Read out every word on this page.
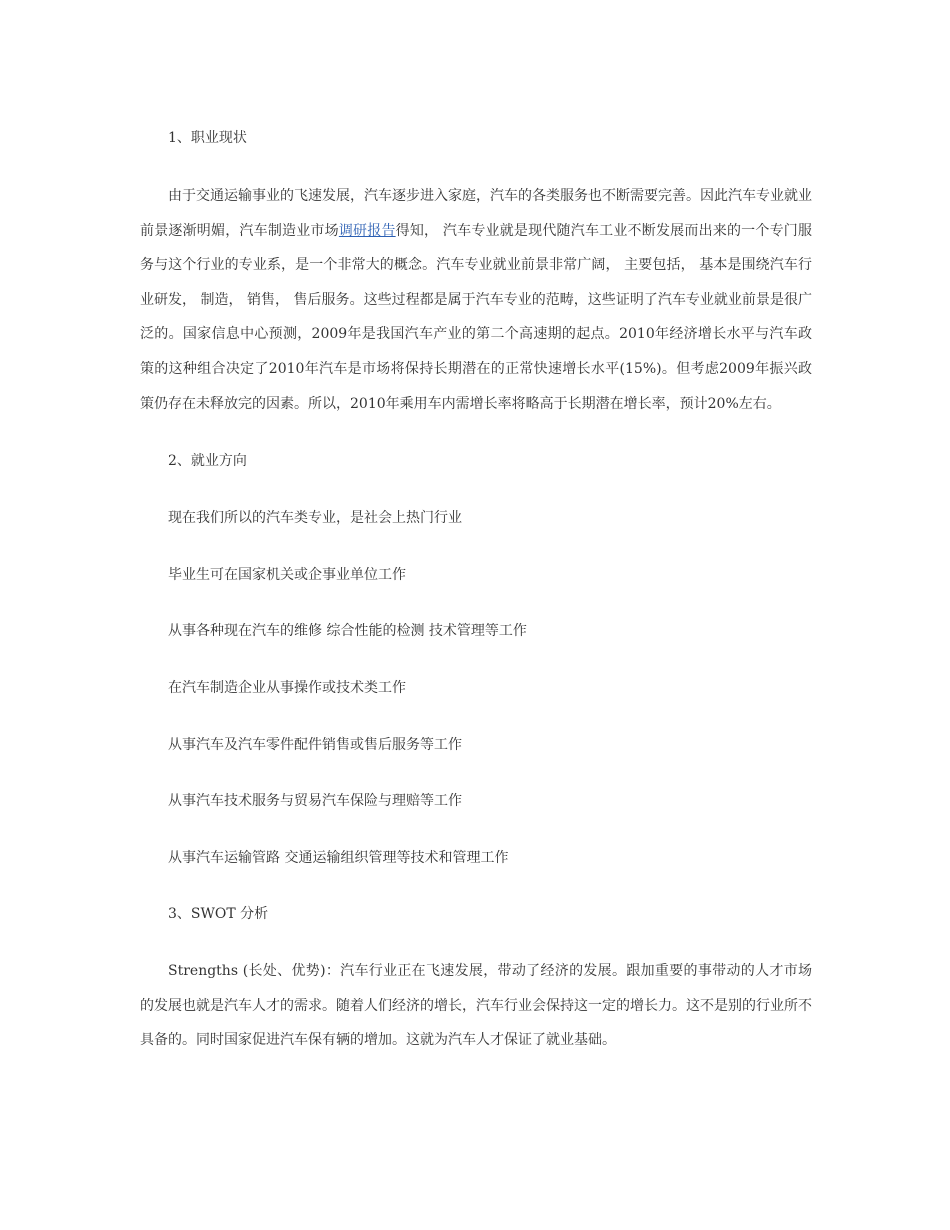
1、职业现状

由于交通运输事业的飞速发展，汽车逐步进入家庭，汽车的各类服务也不断需要完善。因此汽车专业就业前景逐渐明媚，汽车制造业市场调研报告得知， 汽车专业就是现代随汽车工业不断发展而出来的一个专门服务与这个行业的专业系，是一个非常大的概念。汽车专业就业前景非常广阔， 主要包括， 基本是围绕汽车行业研发， 制造， 销售， 售后服务。这些过程都是属于汽车专业的范畴，这些证明了汽车专业就业前景是很广泛的。国家信息中心预测，2009年是我国汽车产业的第二个高速期的起点。2010年经济增长水平与汽车政策的这种组合决定了2010年汽车是市场将保持长期潜在的正常快速增长水平(15%)。但考虑2009年振兴政策仍存在未释放完的因素。所以，2010年乘用车内需增长率将略高于长期潜在增长率，预计20%左右。

2、就业方向

现在我们所以的汽车类专业，是社会上热门行业

毕业生可在国家机关或企事业单位工作

从事各种现在汽车的维修 综合性能的检测 技术管理等工作

在汽车制造企业从事操作或技术类工作

从事汽车及汽车零件配件销售或售后服务等工作

从事汽车技术服务与贸易汽车保险与理赔等工作

从事汽车运输管路 交通运输组织管理等技术和管理工作

3、SWOT 分析

Strengths (长处、优势)：汽车行业正在飞速发展，带动了经济的发展。跟加重要的事带动的人才市场的发展也就是汽车人才的需求。随着人们经济的增长，汽车行业会保持这一定的增长力。这不是别的行业所不具备的。同时国家促进汽车保有辆的增加。这就为汽车人才保证了就业基础。
